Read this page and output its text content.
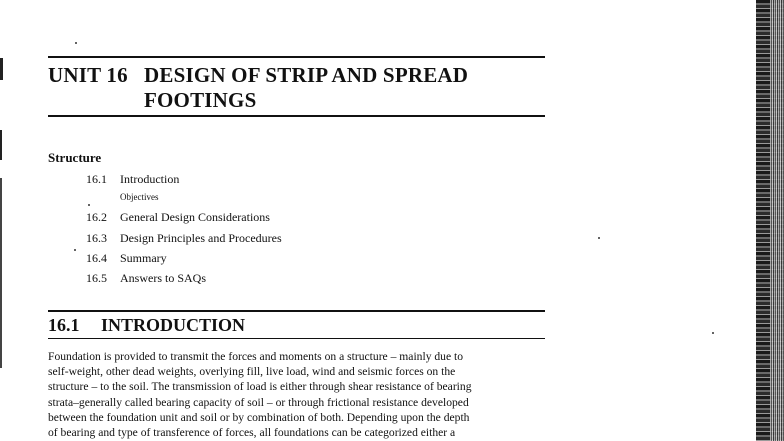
UNIT 16 DESIGN OF STRIP AND SPREAD
FOOTINGS
Structure
16.1 Introduction
Objectives
16.2 General Design Considerations
16.3 Design Principles and Procedures
16.4 Summary
16.5 Answers to SAQs
16.1 INTRODUCTION

Foundation is provided to transmit the forces and moments on a structure – mainly due to

self-weight, other dead weights, overlying fill, live load, wind and seismic forces on the

structure – to the soil. The transmission of load is either through shear resistance of bearing

strata–generally called bearing capacity of soil – or through frictional resistance developed

between the foundation unit and soil or by combination of both. Depending upon the depth

of bearing and type of transference of forces, all foundations can be categorized either a
